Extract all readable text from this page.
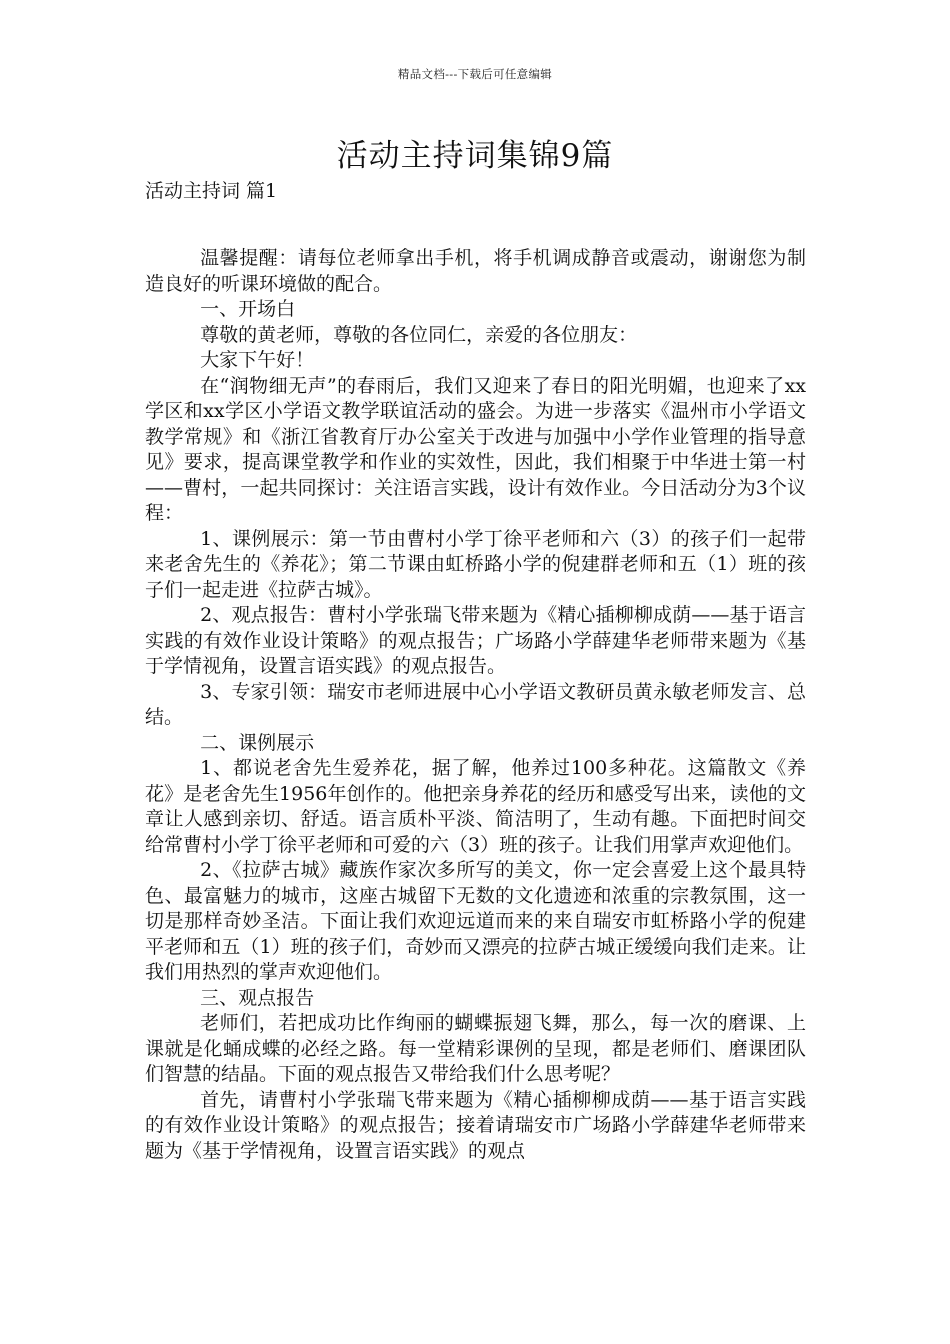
精品文档---下载后可任意编辑
活动主持词集锦9篇
活动主持词 篇1

温馨提醒：请每位老师拿出手机，将手机调成静音或震动，谢谢您为制造良好的听课环境做的配合。

一、开场白

尊敬的黄老师，尊敬的各位同仁，亲爱的各位朋友：

大家下午好！

在“润物细无声”的春雨后，我们又迎来了春日的阳光明媚，也迎来了xx学区和xx学区小学语文教学联谊活动的盛会。为进一步落实《温州市小学语文教学常规》和《浙江省教育厅办公室关于改进与加强中小学作业管理的指导意见》要求，提高课堂教学和作业的实效性，因此，我们相聚于中华进士第一村——曹村，一起共同探讨：关注语言实践，设计有效作业。今日活动分为3个议程：

1、课例展示：第一节由曹村小学丁徐平老师和六（3）的孩子们一起带来老舍先生的《养花》；第二节课由虹桥路小学的倪建群老师和五（1）班的孩子们一起走进《拉萨古城》。

2、观点报告：曹村小学张瑞飞带来题为《精心插柳柳成荫——基于语言实践的有效作业设计策略》的观点报告；广场路小学薛建华老师带来题为《基于学情视角，设置言语实践》的观点报告。

3、专家引领：瑞安市老师进展中心小学语文教研员黄永敏老师发言、总结。

二、课例展示

1、都说老舍先生爱养花，据了解，他养过100多种花。这篇散文《养花》是老舍先生1956年创作的。他把亲身养花的经历和感受写出来，读他的文章让人感到亲切、舒适。语言质朴平淡、简洁明了，生动有趣。下面把时间交给常曹村小学丁徐平老师和可爱的六（3）班的孩子。让我们用掌声欢迎他们。

2、《拉萨古城》藏族作家次多所写的美文，你一定会喜爱上这个最具特色、最富魅力的城市，这座古城留下无数的文化遗迹和浓重的宗教氛围，这一切是那样奇妙圣洁。下面让我们欢迎远道而来的来自瑞安市虹桥路小学的倪建平老师和五（1）班的孩子们，奇妙而又漂亮的拉萨古城正缓缓向我们走来。让我们用热烈的掌声欢迎他们。

三、观点报告

老师们，若把成功比作绚丽的蝴蝶振翅飞舞，那么，每一次的磨课、上课就是化蛹成蝶的必经之路。每一堂精彩课例的呈现，都是老师们、磨课团队们智慧的结晶。下面的观点报告又带给我们什么思考呢？

首先，请曹村小学张瑞飞带来题为《精心插柳柳成荫——基于语言实践的有效作业设计策略》的观点报告；接着请瑞安市广场路小学薛建华老师带来题为《基于学情视角，设置言语实践》的观点
